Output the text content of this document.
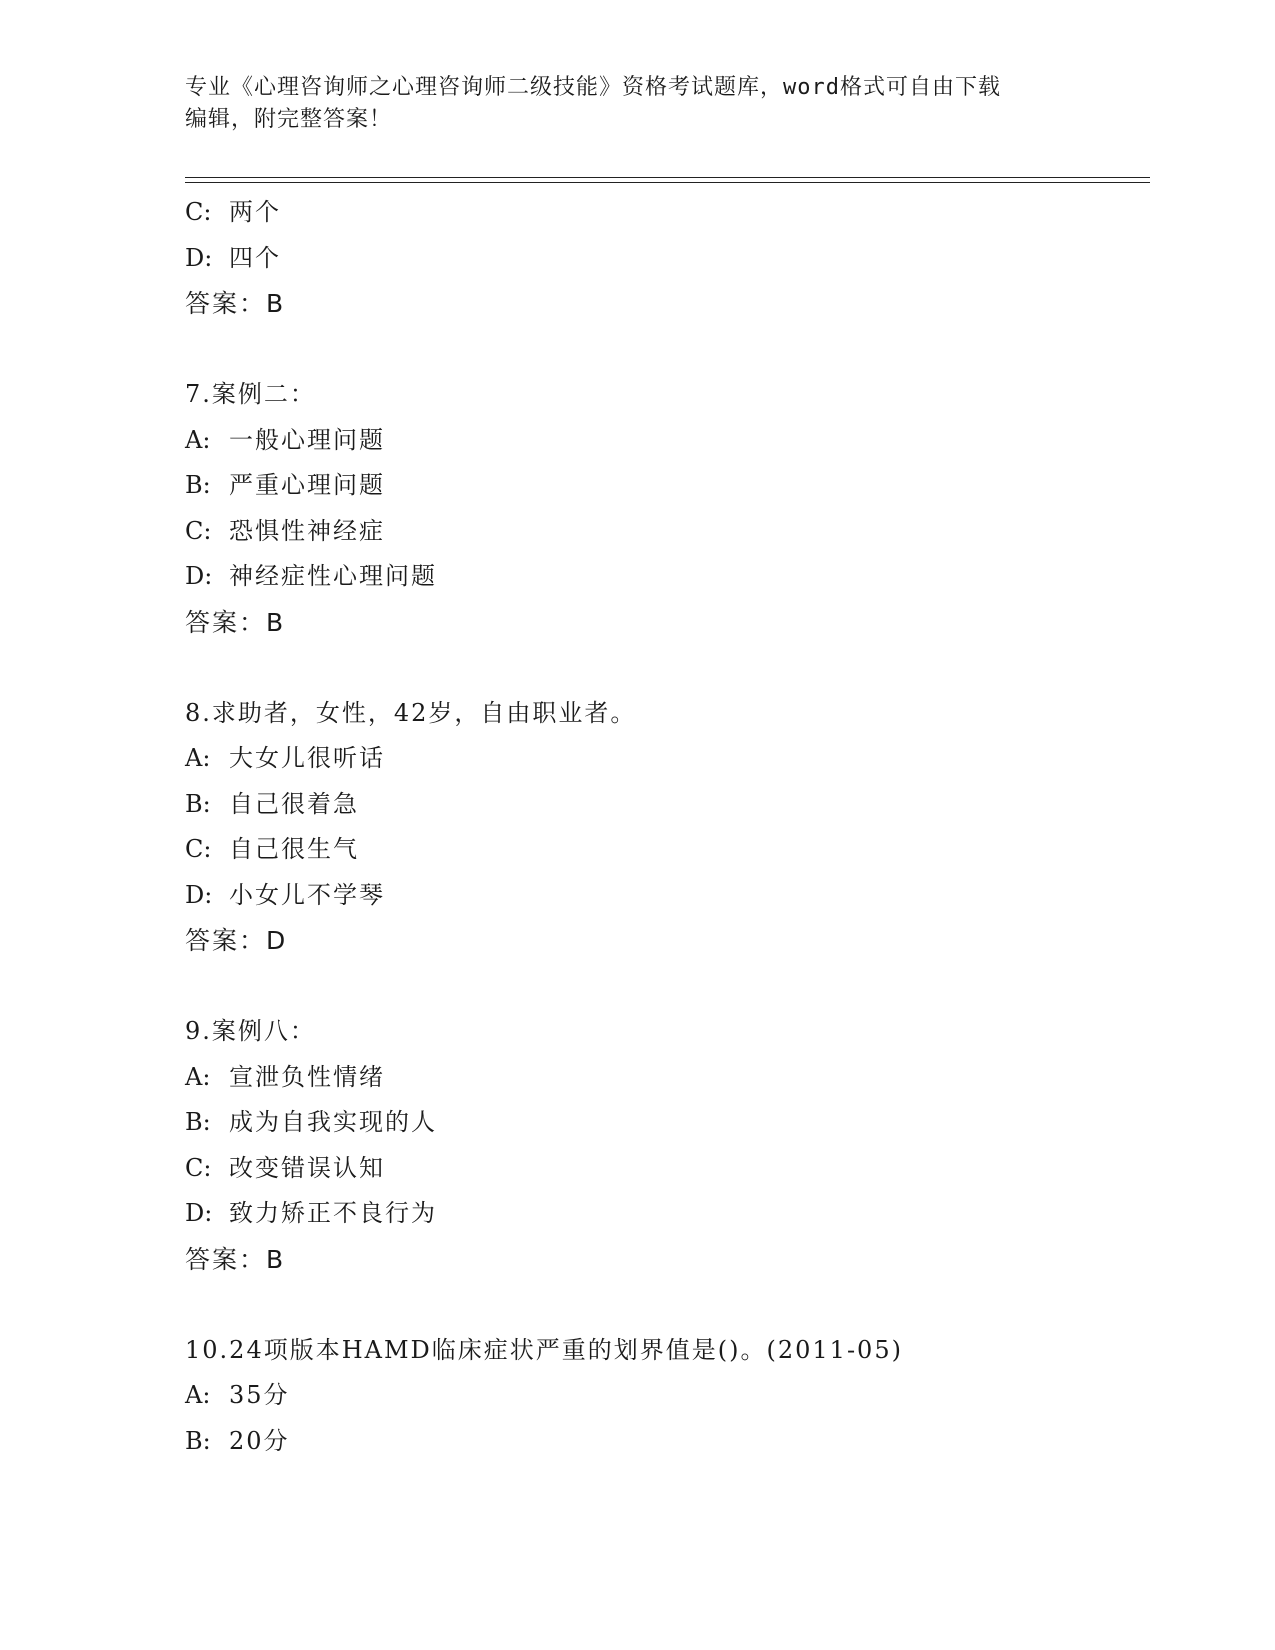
专业《心理咨询师之心理咨询师二级技能》资格考试题库，word格式可自由下载
编辑，附完整答案！
C: 两个
D: 四个
答案：B
7.案例二：
A: 一般心理问题
B: 严重心理问题
C: 恐惧性神经症
D: 神经症性心理问题
答案：B
8.求助者，女性，42岁，自由职业者。
A: 大女儿很听话
B: 自己很着急
C: 自己很生气
D: 小女儿不学琴
答案：D
9.案例八：
A: 宣泄负性情绪
B: 成为自我实现的人
C: 改变错误认知
D: 致力矫正不良行为
答案：B
10.24项版本HAMD临床症状严重的划界值是()。(2011-05)
A: 35分
B: 20分
